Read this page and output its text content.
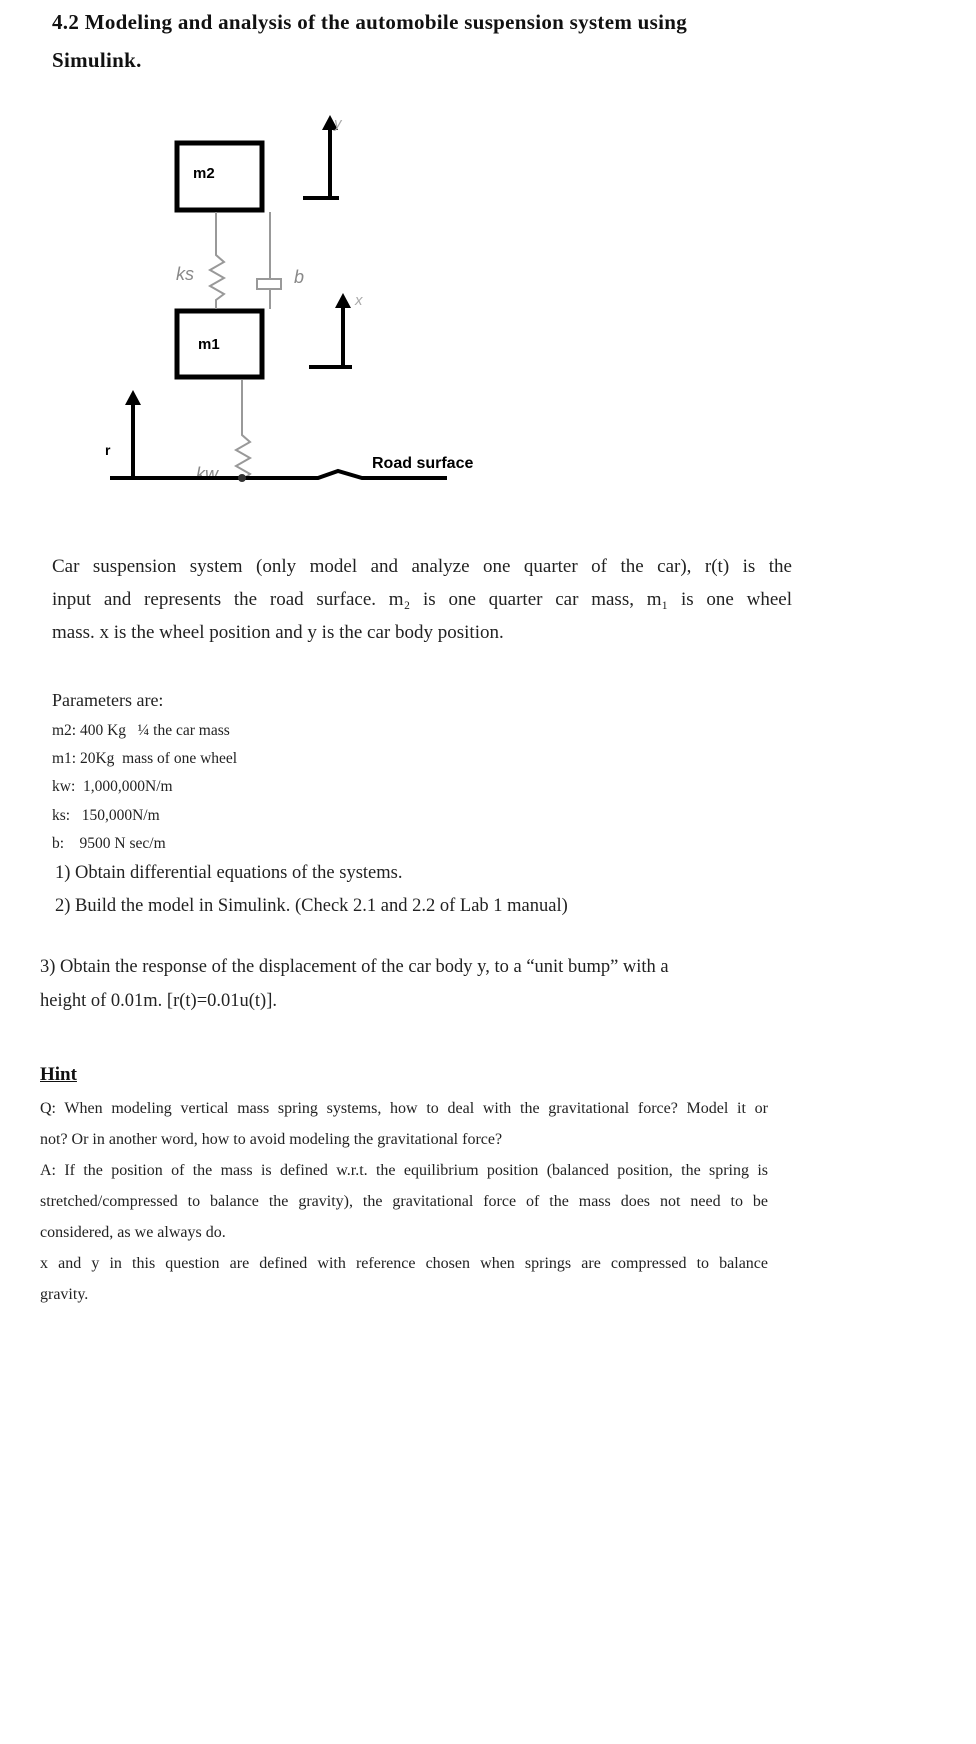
4.2 Modeling and analysis of the automobile suspension system using
Simulink.
m2
m1
ks	b
kw
y
x
r
Road surface
Car suspension system (only model and analyze one quarter of the car), r(t) is the
input and represents the road surface. m₂ is one quarter car mass, m₁ is one wheel
mass. x is the wheel position and y is the car body position.
Parameters are:
m2: 400 Kg   ¼ the car mass
m1: 20Kg  mass of one wheel
kw:  1,000,000N/m
ks:   150,000N/m
b:    9500 N sec/m
1) Obtain differential equations of the systems.
2) Build the model in Simulink. (Check 2.1 and 2.2 of Lab 1 manual)
3) Obtain the response of the displacement of the car body y, to a “unit bump” with a
height of 0.01m. [r(t)=0.01u(t)].
Hint
Q: When modeling vertical mass spring systems, how to deal with the gravitational force? Model it or
not? Or in another word, how to avoid modeling the gravitational force?
A: If the position of the mass is defined w.r.t. the equilibrium position (balanced position, the spring is
stretched/compressed to balance the gravity), the gravitational force of the mass does not need to be
considered, as we always do.
x and y in this question are defined with reference chosen when springs are compressed to balance
gravity.
